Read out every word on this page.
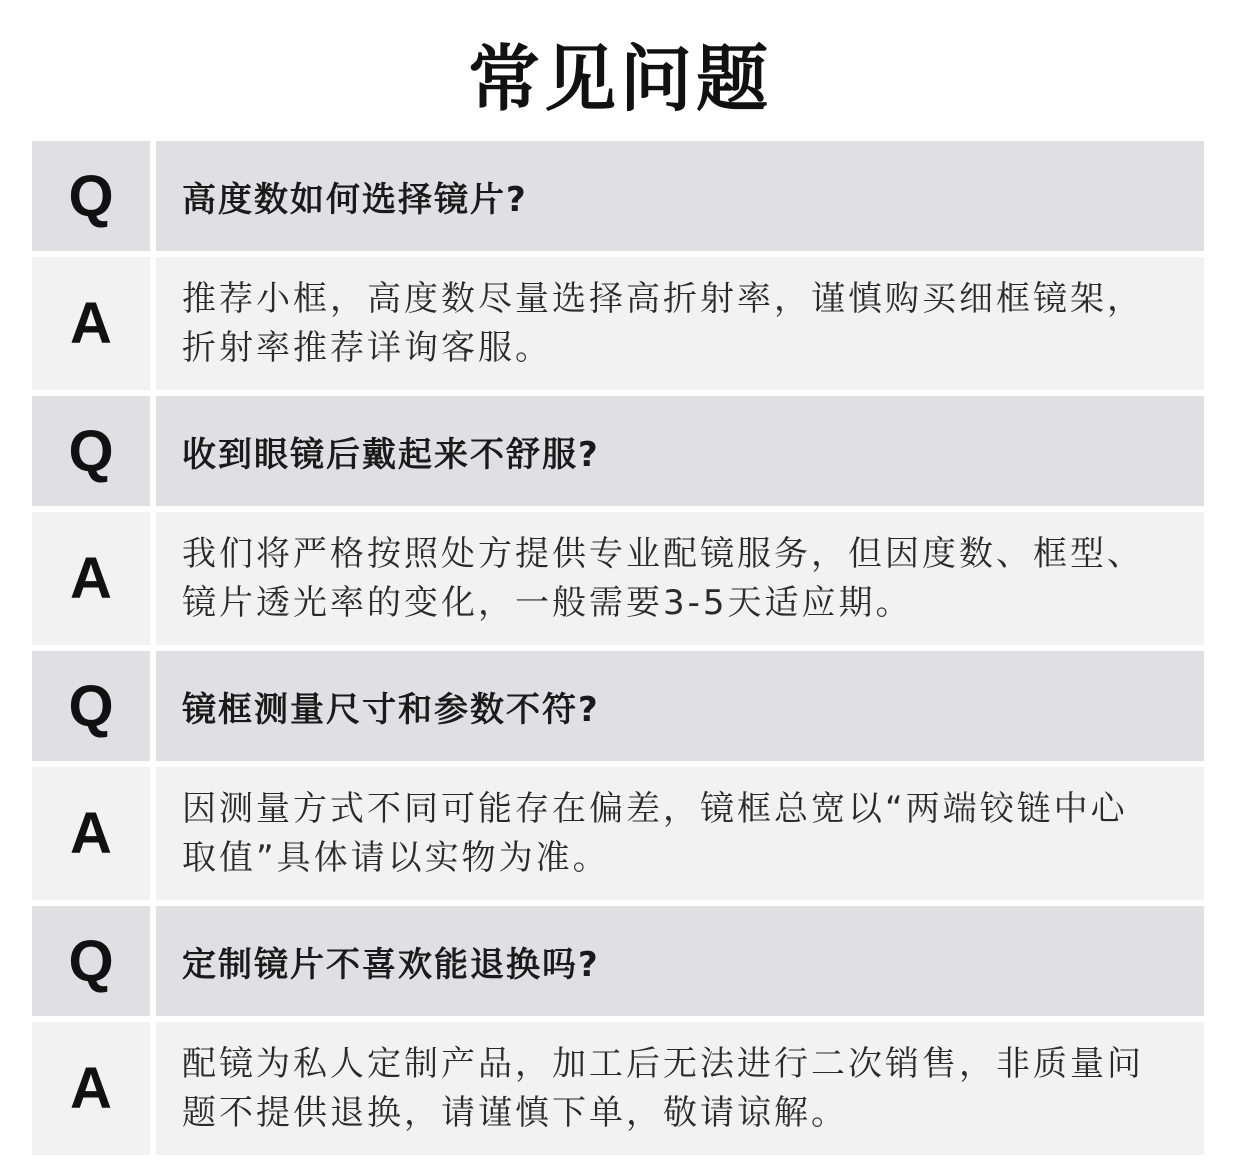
常见问题
Q	高度数如何选择镜片?
A	推荐小框，高度数尽量选择高折射率，谨慎购买细框镜架，折射率推荐详询客服。
Q	收到眼镜后戴起来不舒服?
A	我们将严格按照处方提供专业配镜服务，但因度数、框型、镜片透光率的变化，一般需要3-5天适应期。
Q	镜框测量尺寸和参数不符?
A	因测量方式不同可能存在偏差，镜框总宽以“两端铰链中心取值”具体请以实物为准。
Q	定制镜片不喜欢能退换吗?
A	配镜为私人定制产品，加工后无法进行二次销售，非质量问题不提供退换，请谨慎下单，敬请谅解。
